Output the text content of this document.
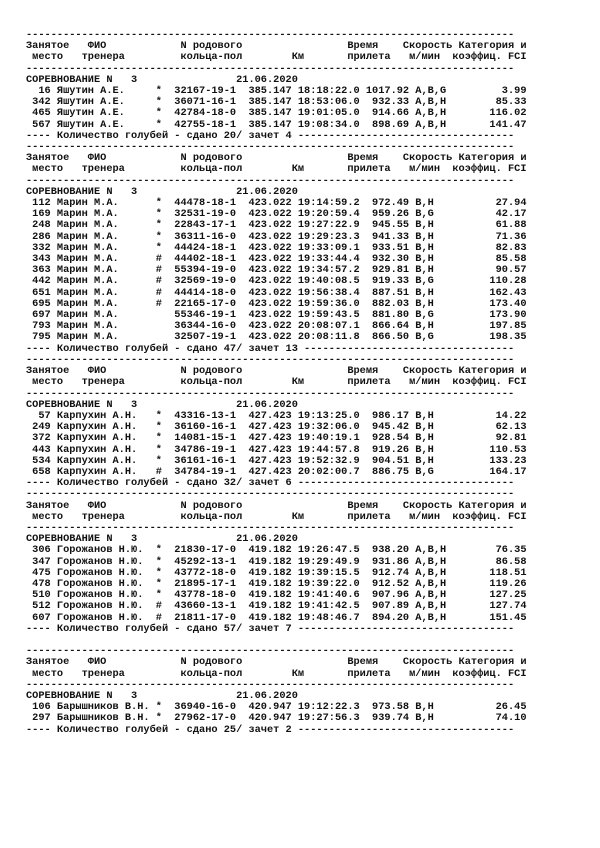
-------------------------------------------------------------------------------
Занятое   ФИО            N родового                 Время    Скорость Категория и
место   тренера         кольца-пол        Км       прилета   м/мин  коэффиц. FCI
-------------------------------------------------------------------------------
СОРЕВНОВАНИЕ N   3                21.06.2020
16 Яшутин А.Е.     *  32167-19-1  385.147 18:18:22.0 1017.92 A,B,G         3.99
342 Яшутин А.Е.     *  36071-16-1  385.147 18:53:06.0  932.33 A,B,H        85.33
465 Яшутин А.Е.     *  42784-18-0  385.147 19:01:05.0  914.66 A,B,H       116.02
567 Яшутин А.Е.     *  42755-18-1  385.147 19:08:34.0  898.69 A,B,H       141.47
---- Количество голубей - сдано 20/ зачет 4 -----------------------------------
-------------------------------------------------------------------------------
Занятое   ФИО            N родового                 Время    Скорость Категория и
место   тренера         кольца-пол        Км       прилета   м/мин  коэффиц. FCI
-------------------------------------------------------------------------------
СОРЕВНОВАНИЕ N   3                21.06.2020
112 Марин М.А.      *  44478-18-1  423.022 19:14:59.2  972.49 B,H          27.94
169 Марин М.А.      *  32531-19-0  423.022 19:20:59.4  959.26 B,G          42.17
248 Марин М.А.      *  22843-17-1  423.022 19:27:22.9  945.55 B,H          61.88
286 Марин М.А.      *  36311-16-0  423.022 19:29:23.3  941.33 B,H          71.36
332 Марин М.А.      *  44424-18-1  423.022 19:33:09.1  933.51 B,H          82.83
343 Марин М.А.      #  44402-18-1  423.022 19:33:44.4  932.30 B,H          85.58
363 Марин М.А.      #  55394-19-0  423.022 19:34:57.2  929.81 B,H          90.57
442 Марин М.А.      #  32569-19-0  423.022 19:40:08.5  919.33 B,G         110.28
651 Марин М.А.      #  44414-18-0  423.022 19:56:38.4  887.51 B,H         162.43
695 Марин М.А.      #  22165-17-0  423.022 19:59:36.0  882.03 B,H         173.40
697 Марин М.А.         55346-19-1  423.022 19:59:43.5  881.80 B,G         173.90
793 Марин М.А.         36344-16-0  423.022 20:08:07.1  866.64 B,H         197.85
795 Марин М.А.         32507-19-1  423.022 20:08:11.8  866.50 B,G         198.35
---- Количество голубей - сдано 47/ зачет 13 ----------------------------------
-------------------------------------------------------------------------------
Занятое   ФИО            N родового                 Время    Скорость Категория и
место   тренера         кольца-пол        Км       прилета   м/мин  коэффиц. FCI
-------------------------------------------------------------------------------
СОРЕВНОВАНИЕ N   3                21.06.2020
57 Карпухин А.Н.   *  43316-13-1  427.423 19:13:25.0  986.17 B,H          14.22
249 Карпухин А.Н.   *  36160-16-1  427.423 19:32:06.0  945.42 B,H          62.13
372 Карпухин А.Н.   *  14081-15-1  427.423 19:40:19.1  928.54 B,H          92.81
443 Карпухин А.Н.   *  34786-19-1  427.423 19:44:57.8  919.26 B,H         110.53
534 Карпухин А.Н.   *  36161-16-1  427.423 19:52:32.9  904.51 B,H         133.23
658 Карпухин А.Н.   #  34784-19-1  427.423 20:02:00.7  886.75 B,G         164.17
---- Количество голубей - сдано 32/ зачет 6 -----------------------------------
-------------------------------------------------------------------------------
Занятое   ФИО            N родового                 Время    Скорость Категория и
место   тренера         кольца-пол        Км       прилета   м/мин  коэффиц. FCI
-------------------------------------------------------------------------------
СОРЕВНОВАНИЕ N   3                21.06.2020
306 Горожанов Н.Ю.  *  21830-17-0  419.182 19:26:47.5  938.20 A,B,H        76.35
347 Горожанов Н.Ю.  *  45292-13-1  419.182 19:29:49.9  931.86 A,B,H        86.58
475 Горожанов Н.Ю.  *  43772-18-0  419.182 19:39:15.5  912.74 A,B,H       118.51
478 Горожанов Н.Ю.  *  21895-17-1  419.182 19:39:22.0  912.52 A,B,H       119.26
510 Горожанов Н.Ю.  *  43778-18-0  419.182 19:41:40.6  907.96 A,B,H       127.25
512 Горожанов Н.Ю.  #  43660-13-1  419.182 19:41:42.5  907.89 A,B,H       127.74
607 Горожанов Н.Ю.  #  21811-17-0  419.182 19:48:46.7  894.20 A,B,H       151.45
---- Количество голубей - сдано 57/ зачет 7 -----------------------------------

-------------------------------------------------------------------------------
Занятое   ФИО            N родового                 Время    Скорость Категория и
место   тренера         кольца-пол        Км       прилета   м/мин  коэффиц. FCI
-------------------------------------------------------------------------------
СОРЕВНОВАНИЕ N   3                21.06.2020
106 Барышников В.Н. *  36940-16-0  420.947 19:12:22.3  973.58 B,H          26.45
297 Барышников В.Н. *  27962-17-0  420.947 19:27:56.3  939.74 B,H          74.10
---- Количество голубей - сдано 25/ зачет 2 -----------------------------------
